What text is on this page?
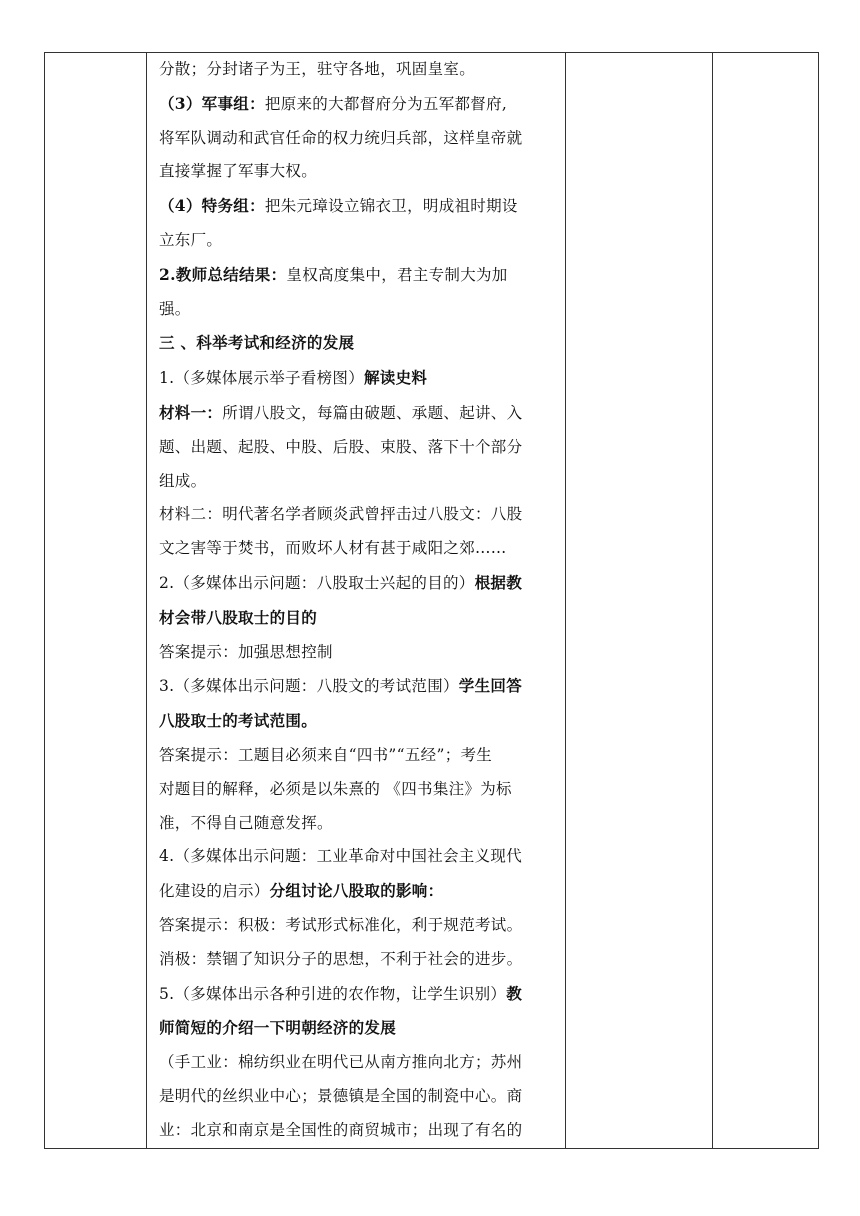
分散；分封诸子为王，驻守各地，巩固皇室。

（3）军事组：把原来的大都督府分为五军都督府,

将军队调动和武官任命的权力统归兵部，这样皇帝就

直接掌握了军事大权。

（4）特务组：把朱元璋设立锦衣卫，明成祖时期设

立东厂。

2.教师总结结果：皇权高度集中，君主专制大为加

强。

三 、科举考试和经济的发展

1.（多媒体展示举子看榜图）解读史料

材料一：所谓八股文，每篇由破题、承题、起讲、入

题、出题、起股、中股、后股、束股、落下十个部分

组成。

材料二：明代著名学者顾炎武曾抨击过八股文：八股

文之害等于焚书，而败坏人材有甚于咸阳之郊……

2.（多媒体出示问题：八股取士兴起的目的）根据教

材会带八股取士的目的

答案提示：加强思想控制

3.（多媒体出示问题：八股文的考试范围）学生回答

八股取士的考试范围。

答案提示：工题目必须来自“四书”“五经”；考生

对题目的解释，必须是以朱熹的 《四书集注》为标

准，不得自己随意发挥。

4.（多媒体出示问题：工业革命对中国社会主义现代

化建设的启示）分组讨论八股取的影响：

答案提示：积极：考试形式标准化，利于规范考试。

消极：禁锢了知识分子的思想，不利于社会的进步。

5.（多媒体出示各种引进的农作物，让学生识别）教

师简短的介绍一下明朝经济的发展

（手工业：棉纺织业在明代已从南方推向北方；苏州

是明代的丝织业中心；景德镇是全国的制瓷中心。商

业：北京和南京是全国性的商贸城市；出现了有名的
